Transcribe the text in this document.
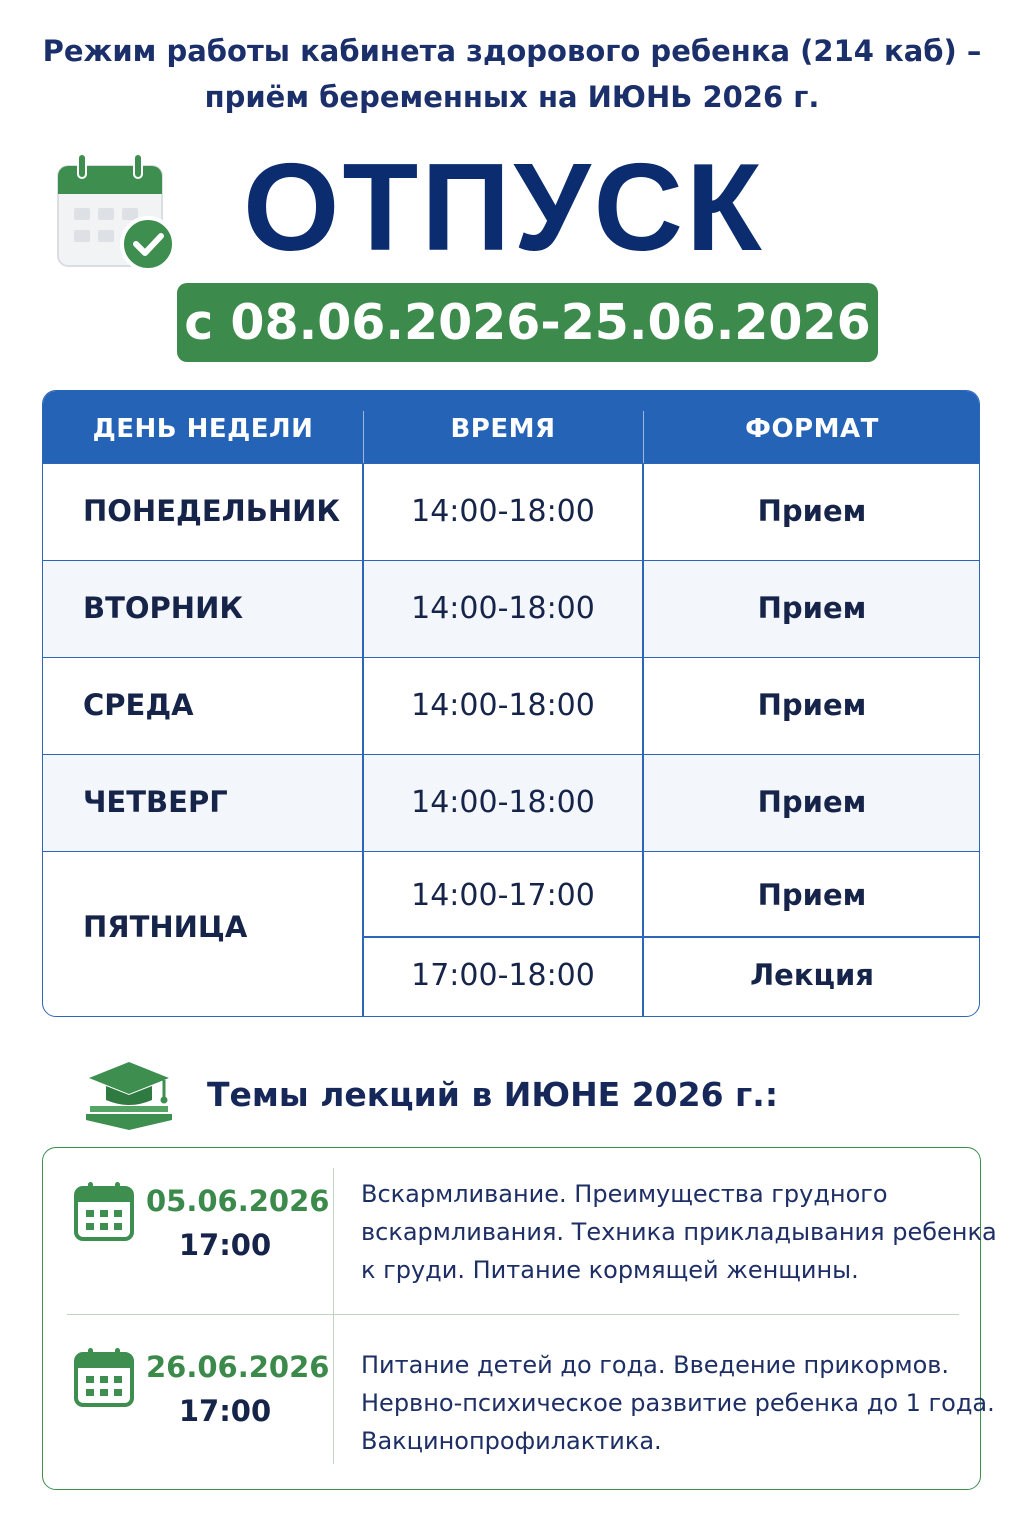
Режим работы кабинета здорового ребенка (214 каб) –
приём беременных на ИЮНЬ 2026 г.
ОТПУСК
с 08.06.2026-25.06.2026
ДЕНЬ НЕДЕЛИ	ВРЕМЯ	ФОРМАТ
ПОНЕДЕЛЬНИК	14:00-18:00	Прием
ВТОРНИК	14:00-18:00	Прием
СРЕДА	14:00-18:00	Прием
ЧЕТВЕРГ	14:00-18:00	Прием
ПЯТНИЦА
14:00-17:00	Прием
17:00-18:00	Лекция
Темы лекций в ИЮНЕ 2026 г.:
05.06.2026
17:00
Вскармливание. Преимущества грудного
вскармливания. Техника прикладывания ребенка
к груди. Питание кормящей женщины.
26.06.2026
17:00
Питание детей до года. Введение прикормов.
Нервно-психическое развитие ребенка до 1 года.
Вакцинопрофилактика.
